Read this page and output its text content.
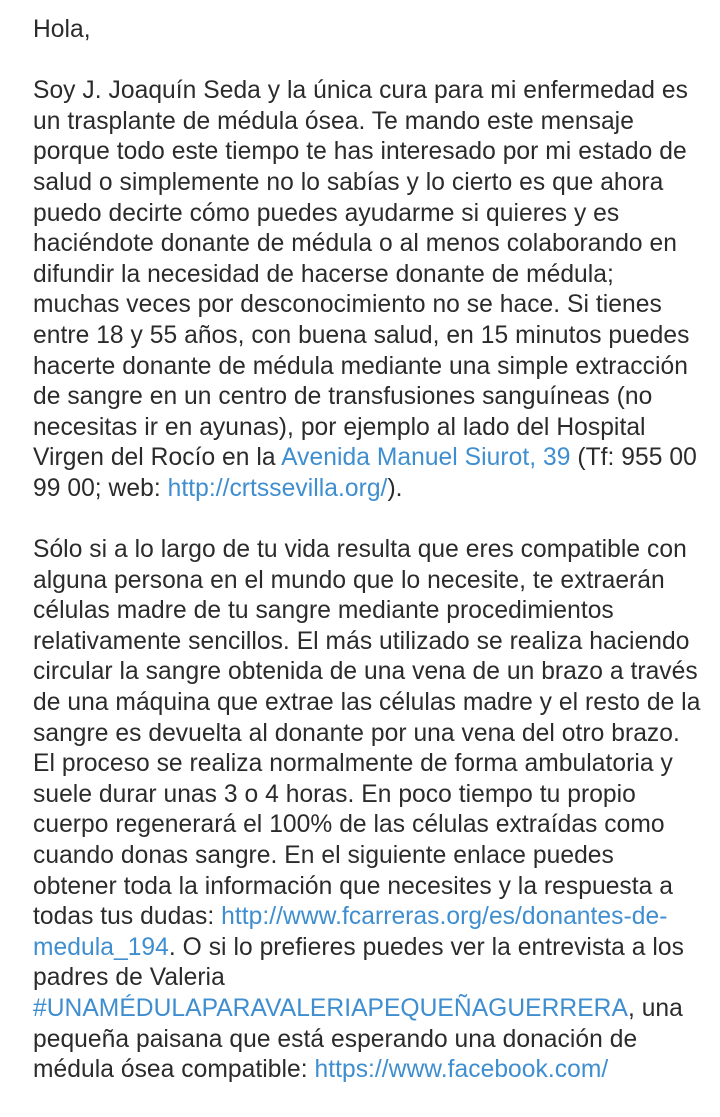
Hola,

Soy J. Joaquín Seda y la única cura para mi enfermedad es un trasplante de médula ósea. Te mando este mensaje porque todo este tiempo te has interesado por mi estado de salud o simplemente no lo sabías y lo cierto es que ahora puedo decirte cómo puedes ayudarme si quieres y es haciéndote donante de médula o al menos colaborando en difundir la necesidad de hacerse donante de médula; muchas veces por desconocimiento no se hace. Si tienes entre 18 y 55 años, con buena salud, en 15 minutos puedes hacerte donante de médula mediante una simple extracción de sangre en un centro de transfusiones sanguíneas (no necesitas ir en ayunas), por ejemplo al lado del Hospital Virgen del Rocío en la Avenida Manuel Siurot, 39 (Tf: 955 00 99 00; web: http://crtssevilla.org/).

Sólo si a lo largo de tu vida resulta que eres compatible con alguna persona en el mundo que lo necesite, te extraerán células madre de tu sangre mediante procedimientos relativamente sencillos. El más utilizado se realiza haciendo circular la sangre obtenida de una vena de un brazo a través de una máquina que extrae las células madre y el resto de la sangre es devuelta al donante por una vena del otro brazo. El proceso se realiza normalmente de forma ambulatoria y suele durar unas 3 o 4 horas. En poco tiempo tu propio cuerpo regenerará el 100% de las células extraídas como cuando donas sangre. En el siguiente enlace puedes obtener toda la información que necesites y la respuesta a todas tus dudas: http://www.fcarreras.org/es/donantes-de-medula_194. O si lo prefieres puedes ver la entrevista a los padres de Valeria #UNAMÉDULAPARAVALERIAPEQUEÑAGUERRERA, una pequeña paisana que está esperando una donación de médula ósea compatible: https://www.facebook.com/
